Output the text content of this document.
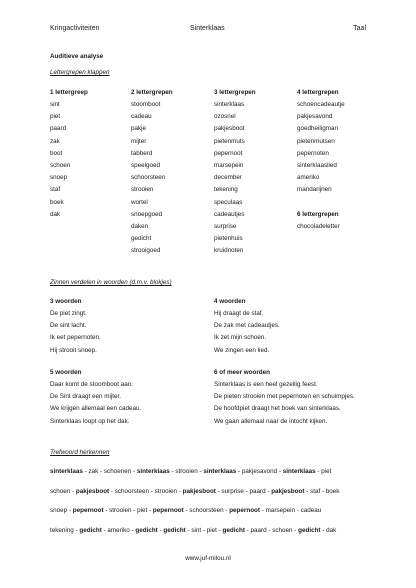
Kringactiviteiten	Sinterklaas	Taal
Auditieve analyse
Lettergrepen klappen
1 lettergreep
sint
piet
paard
zak
boot
schoen
snoep
staf
boek
dak
2 lettergrepen
stoomboot
cadeau
pakje
mijter
tabberd
speelgoed
schoorsteen
strooien
wortel
snoepgoed
daken
gedicht
strooigoed
3 lettergrepen
sinterklaas
ozosnel
pakjesboot
pietenmuts
pepernoot
marsepein
december
tekening
speculaas
cadeautjes
surprise
pietenhuis
kruidnoten
4 lettergrepen
schoencadeautje
pakjesavond
goedheiligman
pietenmutsen
pepernoten
sinterklaaslied
ameriko
mandarijnen
6 lettergrepen
chocoladeletter
Zinnen verdelen in woorden (d.m.v. blokjes)
3 woorden
De piet zingt.
De sint lacht.
Ik eet pepernoten.
Hij strooit snoep.
4 woorden
Hij draagt de staf.
De zak met cadeautjes.
Ik zet mijn schoen.
We zingen een lied.
5 woorden
Daar komt de stoomboot aan.
De Sint draagt een mijter.
We krijgen allemaal een cadeau.
Sinterklaas loopt op het dak.
6 of meer woorden
Sinterklaas is een heel gezellig feest.
De pieten strooien met pepernoten en schuimpjes.
De hoofdpiet draagt het boek van sinterklaas.
We gaan allemaal naar de intocht kijken.
Trefwoord herkennen
sinterklaas - zak - schoenen - sinterklaas - strooien - sinterklaas - pakjesavond - sinterklaas - piet
schoen - pakjesboot - schoorsteen - strooien - pakjesboot - surprise - paard - pakjesboot - staf - boek
snoep - pepernoot - strooien - piet - pepernoot - schoorsteen - pepernoot - marsepein - cadeau
tekening - gedicht - ameriko - gedicht - gedicht - sint - piet - gedicht - paard - schoen - gedicht - dak
www.juf-milou.nl
